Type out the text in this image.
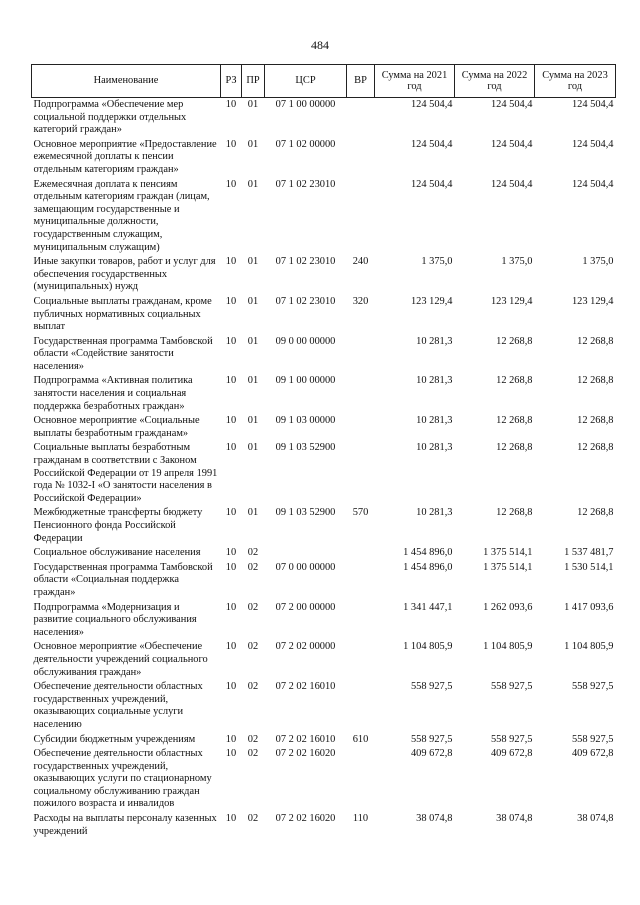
484
Наименование	РЗ	ПР	ЦСР	ВР	Сумма на 2021 год	Сумма на 2022 год	Сумма на 2023 год
Подпрограмма «Обеспечение мер социальной поддержки отдельных категорий граждан»	10	01	07 1 00 00000		124 504,4	124 504,4	124 504,4
Основное мероприятие «Предоставление ежемесячной доплаты к пенсии отдельным категориям граждан»	10	01	07 1 02 00000		124 504,4	124 504,4	124 504,4
Ежемесячная доплата к пенсиям отдельным категориям граждан (лицам, замещающим государственные и муниципальные должности, государственным служащим, муниципальным служащим)	10	01	07 1 02 23010		124 504,4	124 504,4	124 504,4
Иные закупки товаров, работ и услуг для обеспечения государственных (муниципальных) нужд	10	01	07 1 02 23010	240	1 375,0	1 375,0	1 375,0
Социальные выплаты гражданам, кроме публичных нормативных социальных выплат	10	01	07 1 02 23010	320	123 129,4	123 129,4	123 129,4
Государственная программа Тамбовской области «Содействие занятости населения»	10	01	09 0 00 00000		10 281,3	12 268,8	12 268,8
Подпрограмма «Активная политика занятости населения и социальная поддержка безработных граждан»	10	01	09 1 00 00000		10 281,3	12 268,8	12 268,8
Основное мероприятие «Социальные выплаты безработным гражданам»	10	01	09 1 03 00000		10 281,3	12 268,8	12 268,8
Социальные выплаты безработным гражданам в соответствии с Законом Российской Федерации от 19 апреля 1991 года № 1032-I «О занятости населения в Российской Федерации»	10	01	09 1 03 52900		10 281,3	12 268,8	12 268,8
Межбюджетные трансферты бюджету Пенсионного фонда Российской Федерации	10	01	09 1 03 52900	570	10 281,3	12 268,8	12 268,8
Социальное обслуживание населения	10	02			1 454 896,0	1 375 514,1	1 537 481,7
Государственная программа Тамбовской области «Социальная поддержка граждан»	10	02	07 0 00 00000		1 454 896,0	1 375 514,1	1 530 514,1
Подпрограмма «Модернизация и развитие социального обслуживания населения»	10	02	07 2 00 00000		1 341 447,1	1 262 093,6	1 417 093,6
Основное мероприятие «Обеспечение деятельности учреждений социального обслуживания граждан»	10	02	07 2 02 00000		1 104 805,9	1 104 805,9	1 104 805,9
Обеспечение деятельности областных государственных учреждений, оказывающих социальные услуги населению	10	02	07 2 02 16010		558 927,5	558 927,5	558 927,5
Субсидии бюджетным учреждениям	10	02	07 2 02 16010	610	558 927,5	558 927,5	558 927,5
Обеспечение деятельности областных государственных учреждений, оказывающих услуги по стационарному социальному обслуживанию граждан пожилого возраста и инвалидов	10	02	07 2 02 16020		409 672,8	409 672,8	409 672,8
Расходы на выплаты персоналу казенных учреждений	10	02	07 2 02 16020	110	38 074,8	38 074,8	38 074,8
